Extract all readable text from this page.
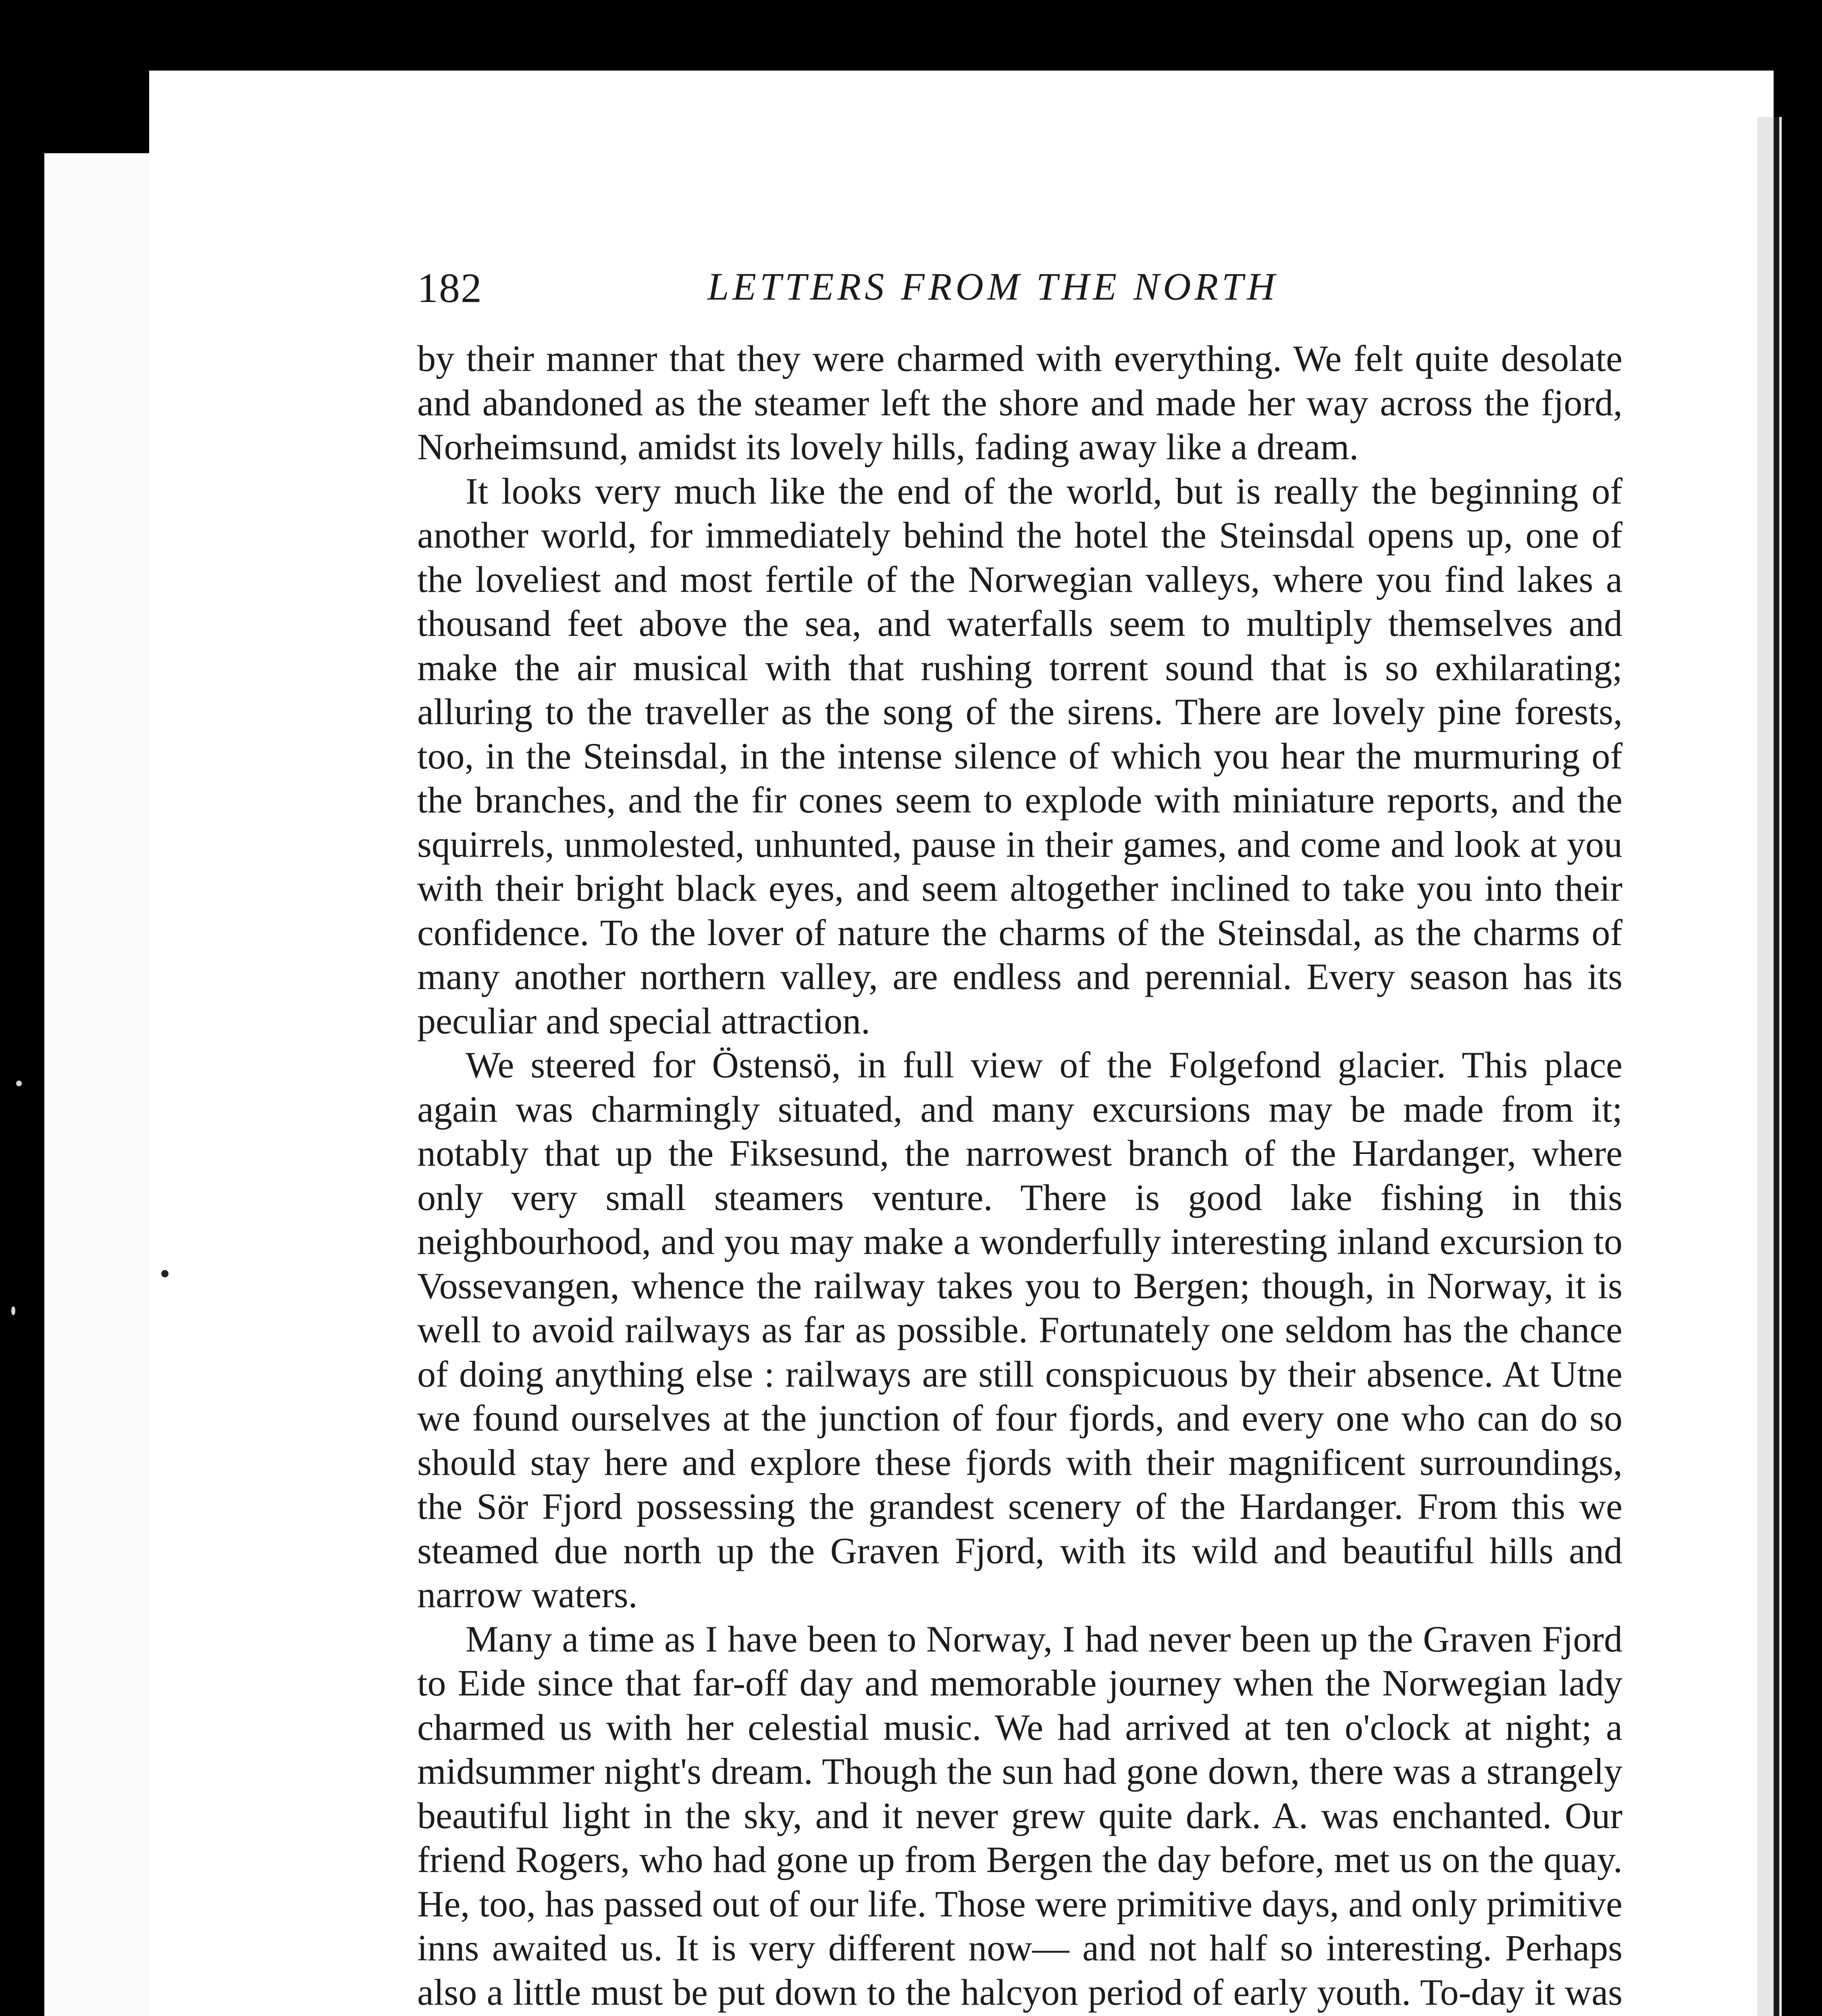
182	LETTERS FROM THE NORTH

by their manner that they were charmed with everything. We felt quite desolate and abandoned as the steamer left the shore and made her way across the fjord, Norheimsund, amidst its lovely hills, fading away like a dream.

It looks very much like the end of the world, but is really the beginning of another world, for immediately behind the hotel the Steinsdal opens up, one of the loveliest and most fertile of the Norwegian valleys, where you find lakes a thousand feet above the sea, and waterfalls seem to multiply themselves and make the air musical with that rushing torrent sound that is so exhilarating; alluring to the traveller as the song of the sirens. There are lovely pine forests, too, in the Steinsdal, in the intense silence of which you hear the murmuring of the branches, and the fir cones seem to explode with miniature reports, and the squirrels, unmolested, unhunted, pause in their games, and come and look at you with their bright black eyes, and seem altogether inclined to take you into their confidence. To the lover of nature the charms of the Steinsdal, as the charms of many another northern valley, are endless and perennial. Every season has its peculiar and special attraction.

We steered for Östensö, in full view of the Folgefond glacier. This place again was charmingly situated, and many excursions may be made from it; notably that up the Fiksesund, the narrowest branch of the Hardanger, where only very small steamers venture. There is good lake fishing in this neighbourhood, and you may make a wonderfully interesting inland excursion to Vossevangen, whence the railway takes you to Bergen; though, in Norway, it is well to avoid railways as far as possible. Fortunately one seldom has the chance of doing anything else : railways are still conspicuous by their absence. At Utne we found ourselves at the junction of four fjords, and every one who can do so should stay here and explore these fjords with their magnificent surroundings, the Sör Fjord possessing the grandest scenery of the Hardanger. From this we steamed due north up the Graven Fjord, with its wild and beautiful hills and narrow waters.

Many a time as I have been to Norway, I had never been up the Graven Fjord to Eide since that far-off day and memorable journey when the Norwegian lady charmed us with her celestial music. We had arrived at ten o'clock at night; a midsummer night's dream. Though the sun had gone down, there was a strangely beautiful light in the sky, and it never grew quite dark. A. was enchanted. Our friend Rogers, who had gone up from Bergen the day before, met us on the quay. He, too, has passed out of our life. Those were primitive days, and only primitive inns awaited us. It is very different now— and not half so interesting. Perhaps also a little must be put down to the halcyon period of early youth. To-day it was
